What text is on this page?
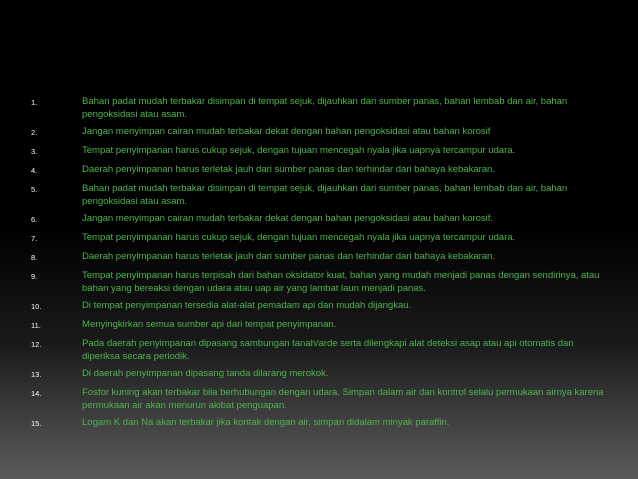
1.	Bahan padat mudah terbakar disimpan di tempat sejuk, dijauhkan dari sumber panas, bahan lembab dan air, bahan pengoksidasi atau asam.
2.	Jangan menyimpan cairan mudah terbakar dekat dengan bahan pengoksidasi atau bahan korosif
3.	Tempat penyimpanan harus cukup sejuk, dengan tujuan mencegah nyala jika uapnya tercampur udara.
4.	Daerah penyimpanan harus terletak jauh dari sumber panas dan terhindar dari bahaya kebakaran.
5.	Bahan padat mudah terbakar disimpan di tempat sejuk, dijauhkan dari sumber panas, bahan lembab dan air, bahan pengoksidasi atau asam.
6.	Jangan menyimpan cairan mudah terbakar dekat dengan bahan pengoksidasi atau bahan korosif.
7.	Tempat penyimpanan harus cukup sejuk, dengan tujuan mencegah nyala jika uapnya tercampur udara.
8.	Daerah penyimpanan harus terletak jauh dari sumber panas dan terhindar dari bahaya kebakaran.
9.	Tempat penyimpanan harus terpisah dari bahan oksidator kuat, bahan yang mudah menjadi panas dengan sendirinya, atau bahan yang bereaksi dengan udara atau uap air yang lambat laun menjadi panas.
10.	Di tempat penyimpanan tersedia alat-alat pemadam api dan mudah dijangkau.
11.	Menyingkirkan semua sumber api dari tempat penyimpanan.
12.	Pada daerah penyimpanan dipasang sambungan tanah/arde serta dilengkapi alat deteksi asap atau api otomatis dan diperiksa secara periodik.
13.	Di daerah penyimpanan dipasang tanda dilarang merokok.
14.	Fosfor kuning akan terbakar bila berhubungan dengan udara. Simpan dalam air dan kontrol selalu permukaan airnya karena permukaan air akan menurun akibat penguapan.
15.	Logam K dan Na akan terbakar jika kontak dengan air, simpan didalam minyak paraffin.
